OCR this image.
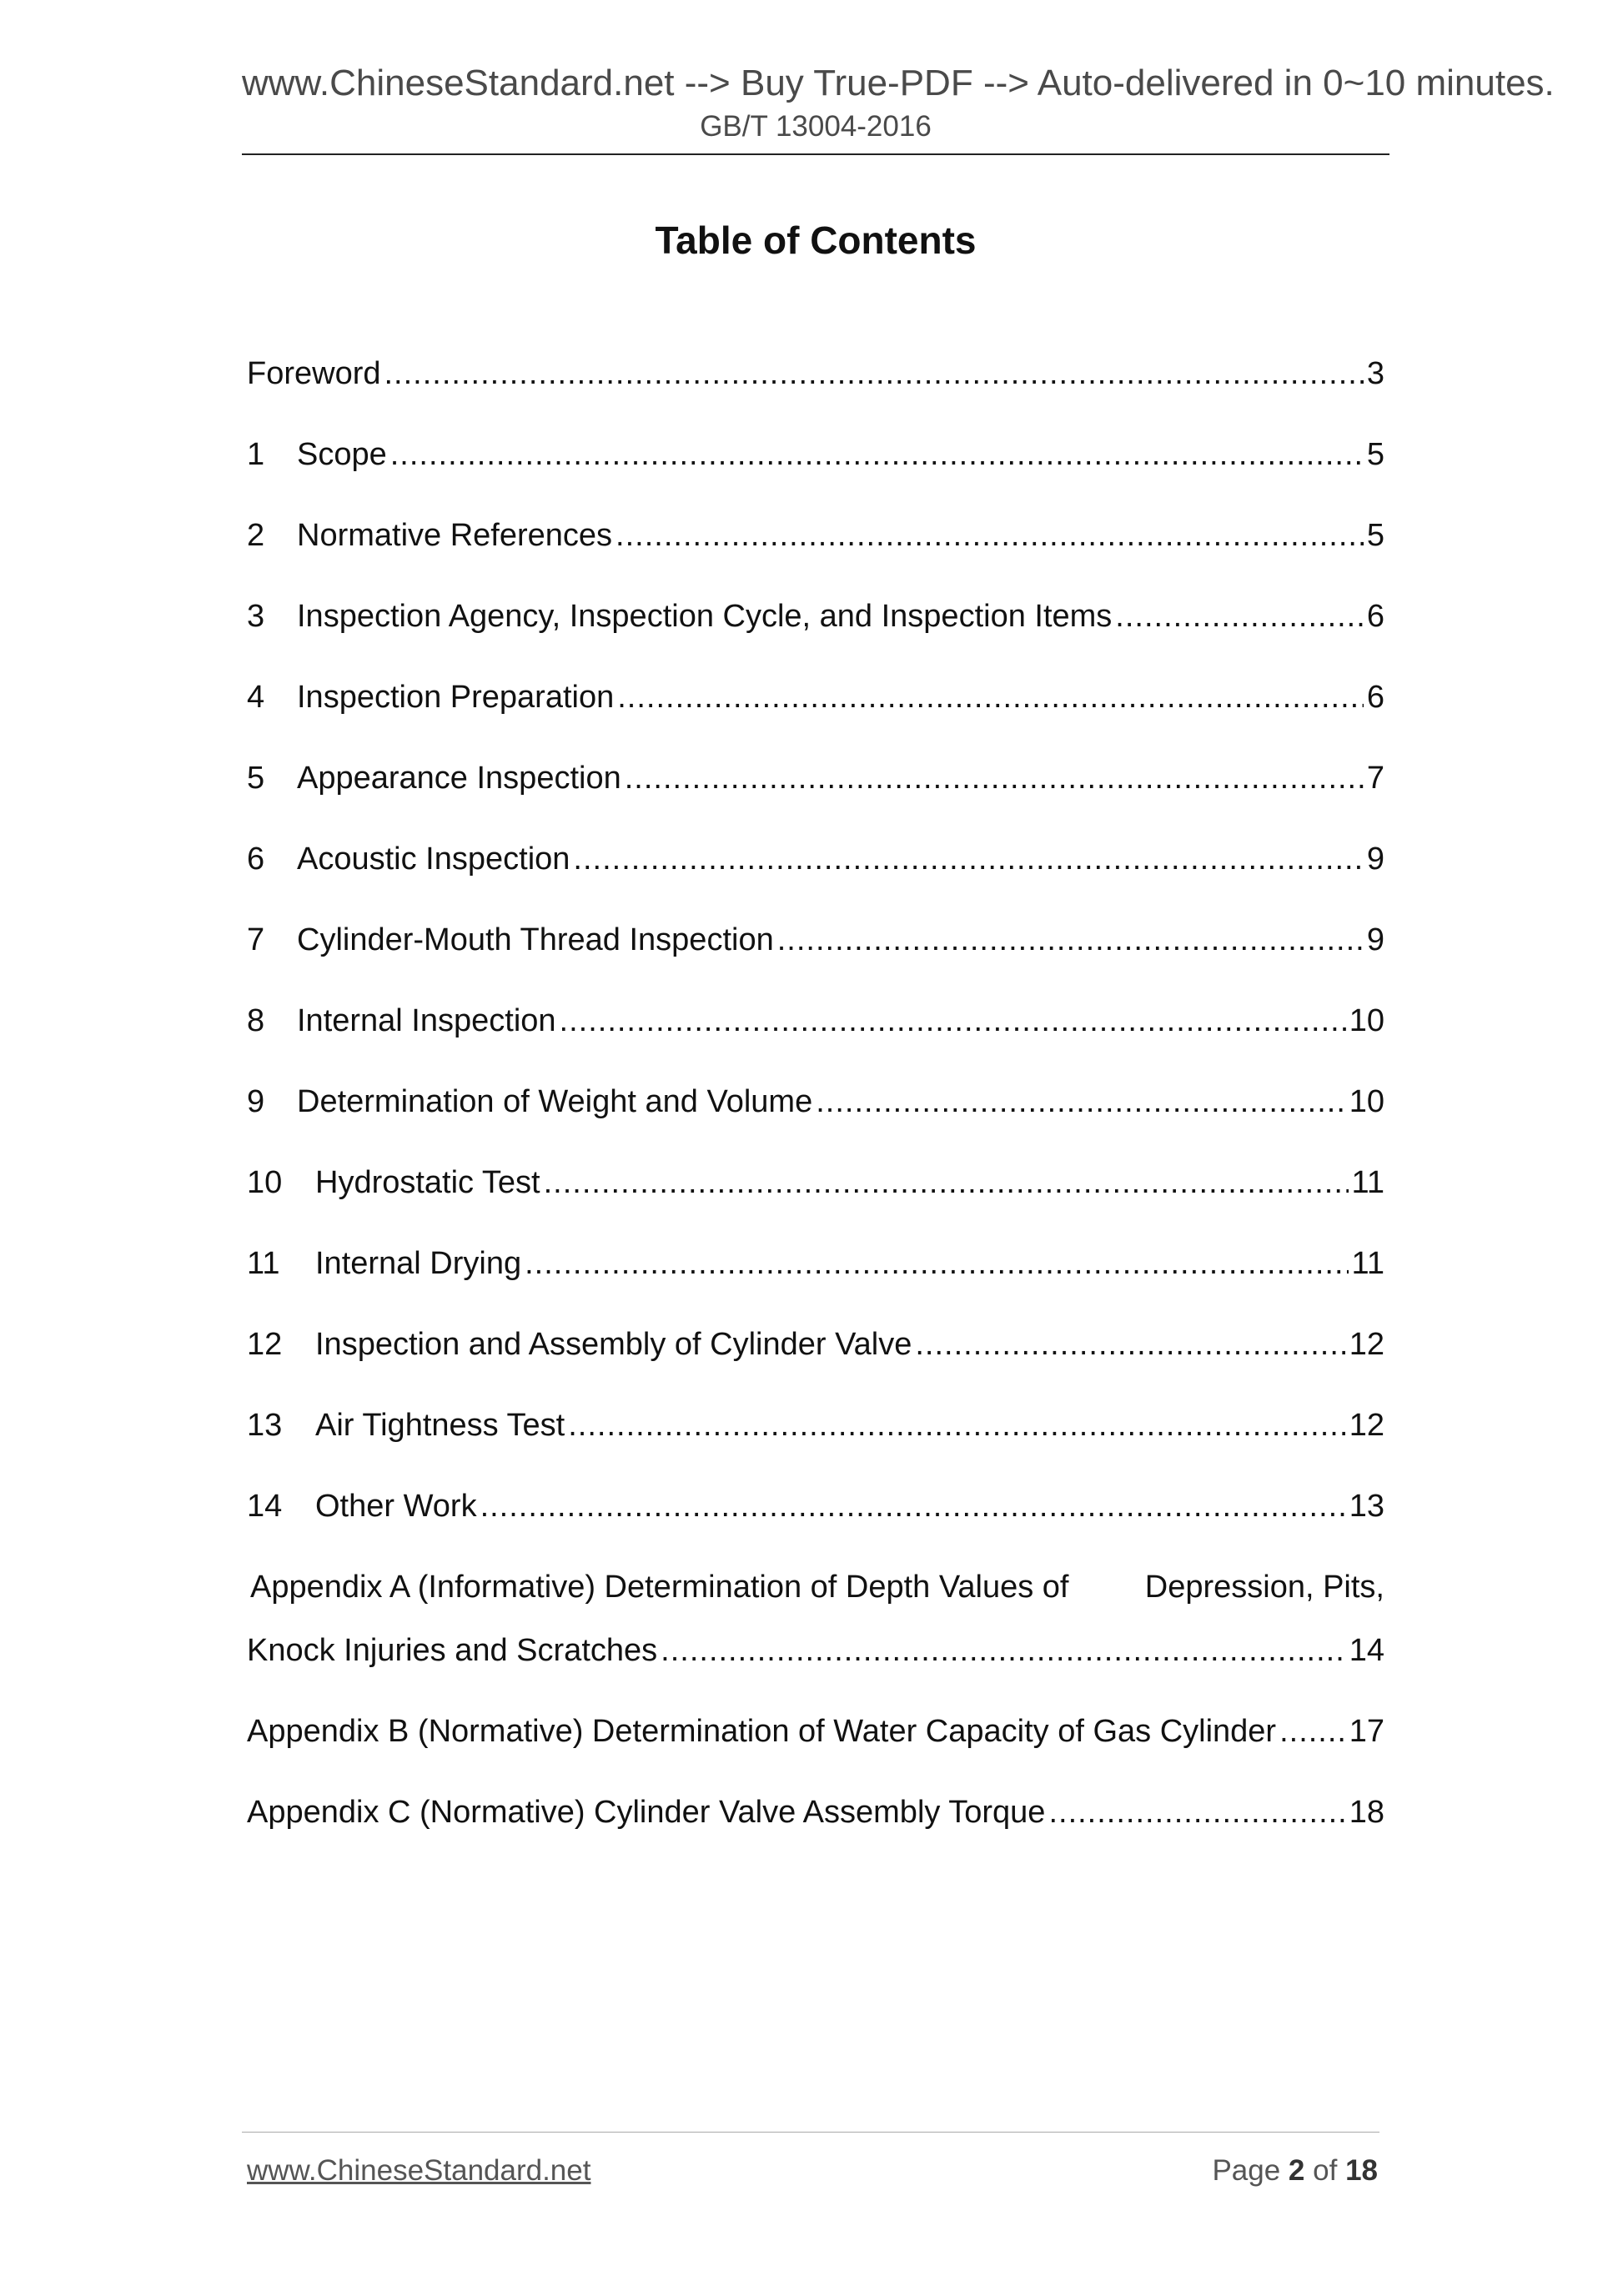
www.ChineseStandard.net --> Buy True-PDF --> Auto-delivered in 0~10 minutes.
GB/T 13004-2016
Table of Contents
Foreword .....	3
1	Scope .....	5
2	Normative References .....	5
3	Inspection Agency, Inspection Cycle, and Inspection Items .....	6
4	Inspection Preparation .....	6
5	Appearance Inspection .....	7
6	Acoustic Inspection .....	9
7	Cylinder-Mouth Thread Inspection .....	9
8	Internal Inspection .....	10
9	Determination of Weight and Volume .....	10
10	Hydrostatic Test .....	11
11	Internal Drying .....	11
12	Inspection and Assembly of Cylinder Valve .....	12
13	Air Tightness Test .....	12
14	Other Work .....	13
Appendix A (Informative) Determination of Depth Values of Depression, Pits,
Knock Injuries and Scratches .....	14
Appendix B (Normative) Determination of Water Capacity of Gas Cylinder ..... 17
Appendix C (Normative) Cylinder Valve Assembly Torque .....	18
www.ChineseStandard.net	Page 2 of 18
